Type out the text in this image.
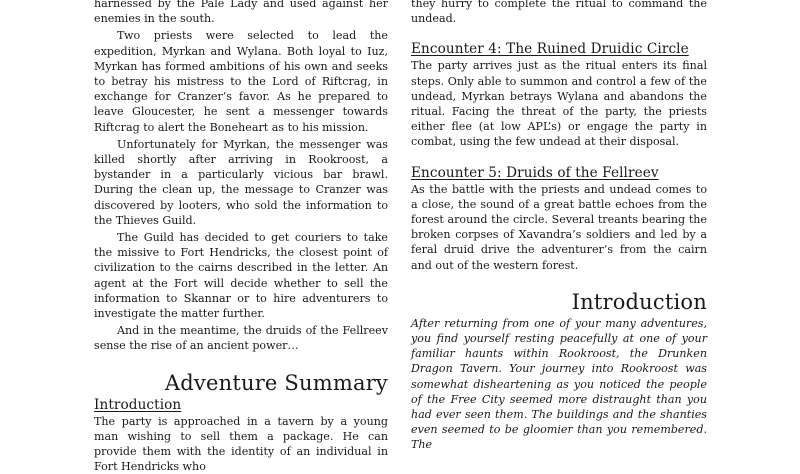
harnessed by the Pale Lady and used against her enemies in the south.

Two priests were selected to lead the expedition, Myrkan and Wylana. Both loyal to Iuz, Myrkan has formed ambitions of his own and seeks to betray his mistress to the Lord of Riftcrag, in exchange for Cranzer’s favor. As he prepared to leave Gloucester, he sent a messenger towards Riftcrag to alert the Boneheart as to his mission.

Unfortunately for Myrkan, the messenger was killed shortly after arriving in Rookroost, a bystander in a particularly vicious bar brawl. During the clean up, the message to Cranzer was discovered by looters, who sold the information to the Thieves Guild.

The Guild has decided to get couriers to take the missive to Fort Hendricks, the closest point of civilization to the cairns described in the letter. An agent at the Fort will decide whether to sell the information to Skannar or to hire adventurers to investigate the matter further.

And in the meantime, the druids of the Fellreev sense the rise of an ancient power…

Adventure Summary
Introduction

The party is approached in a tavern by a young man wishing to sell them a package. He can provide them with the identity of an individual in Fort Hendricks who

they hurry to complete the ritual to command the undead.

Encounter 4: The Ruined Druidic Circle

The party arrives just as the ritual enters its final steps. Only able to summon and control a few of the undead, Myrkan betrays Wylana and abandons the ritual. Facing the threat of the party, the priests either flee (at low APL’s) or engage the party in combat, using the few undead at their disposal.

Encounter 5: Druids of the Fellreev

As the battle with the priests and undead comes to a close, the sound of a great battle echoes from the forest around the circle. Several treants bearing the broken corpses of Xavandra’s soldiers and led by a feral druid drive the adventurer’s from the cairn and out of the western forest.

Introduction

After returning from one of your many adventures, you find yourself resting peacefully at one of your familiar haunts within Rookroost, the Drunken Dragon Tavern. Your journey into Rookroost was somewhat disheartening as you noticed the people of the Free City seemed more distraught than you had ever seen them. The buildings and the shanties even seemed to be gloomier than you remembered. The
